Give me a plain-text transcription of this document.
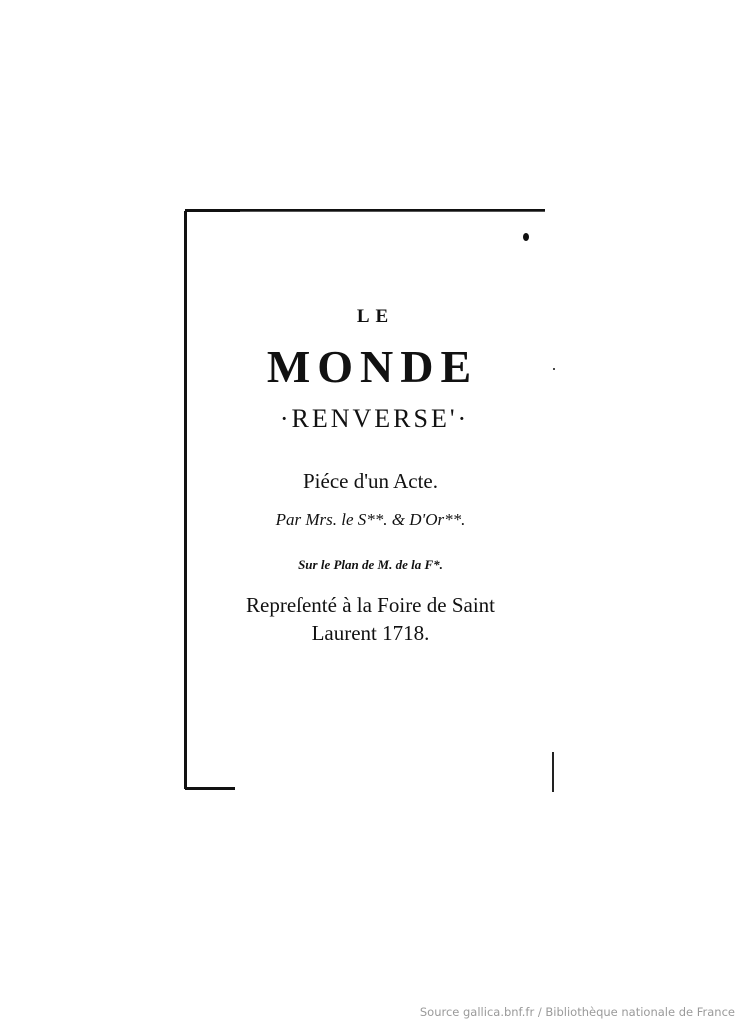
LE
MONDE
·RENVERSE'·
Piéce d'un Acte.
Par Mrs. le S**. & D'Or**.
Sur le Plan de M. de la F*.
Repreſenté à la Foire de Saint
Laurent 1718.
Source gallica.bnf.fr / Bibliothèque nationale de France
